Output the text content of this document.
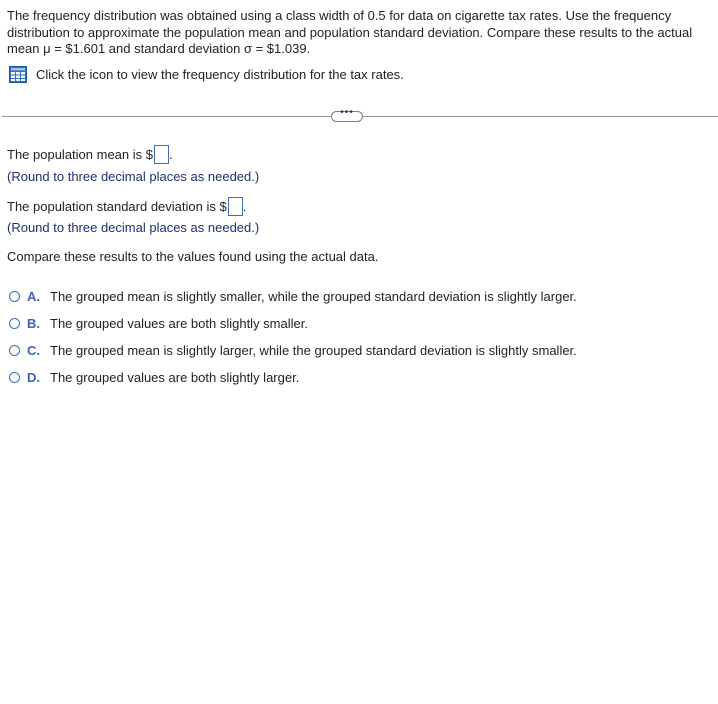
The frequency distribution was obtained using a class width of 0.5 for data on cigarette tax rates. Use the frequency distribution to approximate the population mean and population standard deviation. Compare these results to the actual mean μ = $1.601 and standard deviation σ = $1.039.
Click the icon to view the frequency distribution for the tax rates.
•••
The population mean is $ .
(Round to three decimal places as needed.)
The population standard deviation is $ .
(Round to three decimal places as needed.)
Compare these results to the values found using the actual data.
A. The grouped mean is slightly smaller, while the grouped standard deviation is slightly larger.
B. The grouped values are both slightly smaller.
C. The grouped mean is slightly larger, while the grouped standard deviation is slightly smaller.
D. The grouped values are both slightly larger.
